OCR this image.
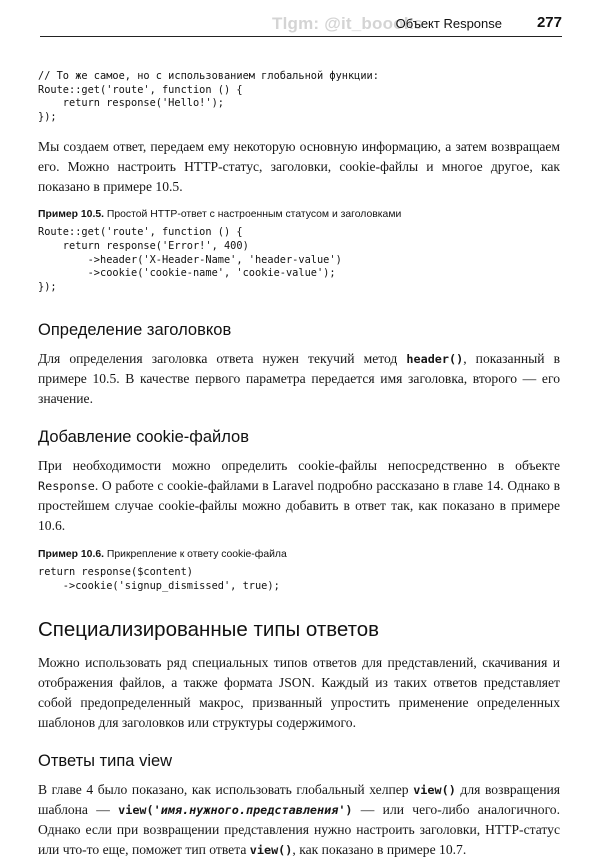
Tlgm: @it_boooks
Объект Response 277
// То же самое, но с использованием глобальной функции:
Route::get('route', function () {
return response('Hello!');
});

Мы создаем ответ, передаем ему некоторую основную информацию, а затем возвращаем его. Можно настроить HTTP-статус, заголовки, cookie-файлы и многое другое, как показано в примере 10.5.

Пример 10.5. Простой HTTP-ответ с настроенным статусом и заголовками

Route::get('route', function () {
return response('Error!', 400)
->header('X-Header-Name', 'header-value')
->cookie('cookie-name', 'cookie-value');
});
Определение заголовков

Для определения заголовка ответа нужен текучий метод header(), показанный в примере 10.5. В качестве первого параметра передается имя заголовка, второго — его значение.

Добавление cookie-файлов

При необходимости можно определить cookie-файлы непосредственно в объекте Response. О работе с cookie-файлами в Laravel подробно рассказано в главе 14. Однако в простейшем случае cookie-файлы можно добавить в ответ так, как показано в примере 10.6.

Пример 10.6. Прикрепление к ответу cookie-файла

return response($content)
->cookie('signup_dismissed', true);
Специализированные типы ответов

Можно использовать ряд специальных типов ответов для представлений, скачивания и отображения файлов, а также формата JSON. Каждый из таких ответов представляет собой предопределенный макрос, призванный упростить применение определенных шаблонов для заголовков или структуры содержимого.

Ответы типа view

В главе 4 было показано, как использовать глобальный хелпер view() для возвращения шаблона — view('имя.нужного.представления') — или чего-либо аналогичного. Однако если при возвращении представления нужно настроить заголовки, HTTP-статус или что-то еще, поможет тип ответа view(), как показано в примере 10.7.
